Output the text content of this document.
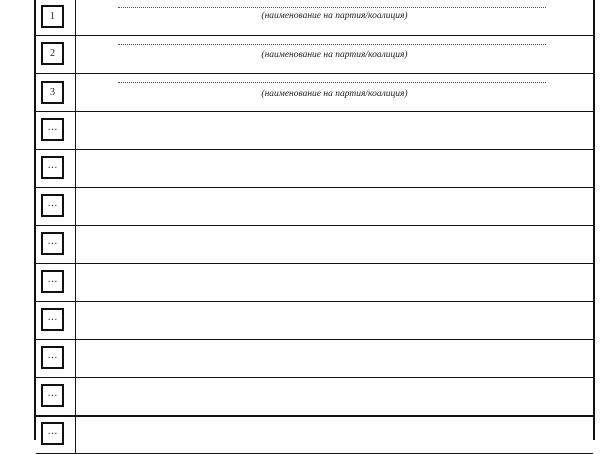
1	(наименование на партия/коалиция)
2	(наименование на партия/коалиция)
3	(наименование на партия/коалиция)
…
…
…
…
…
…
…
…
…
